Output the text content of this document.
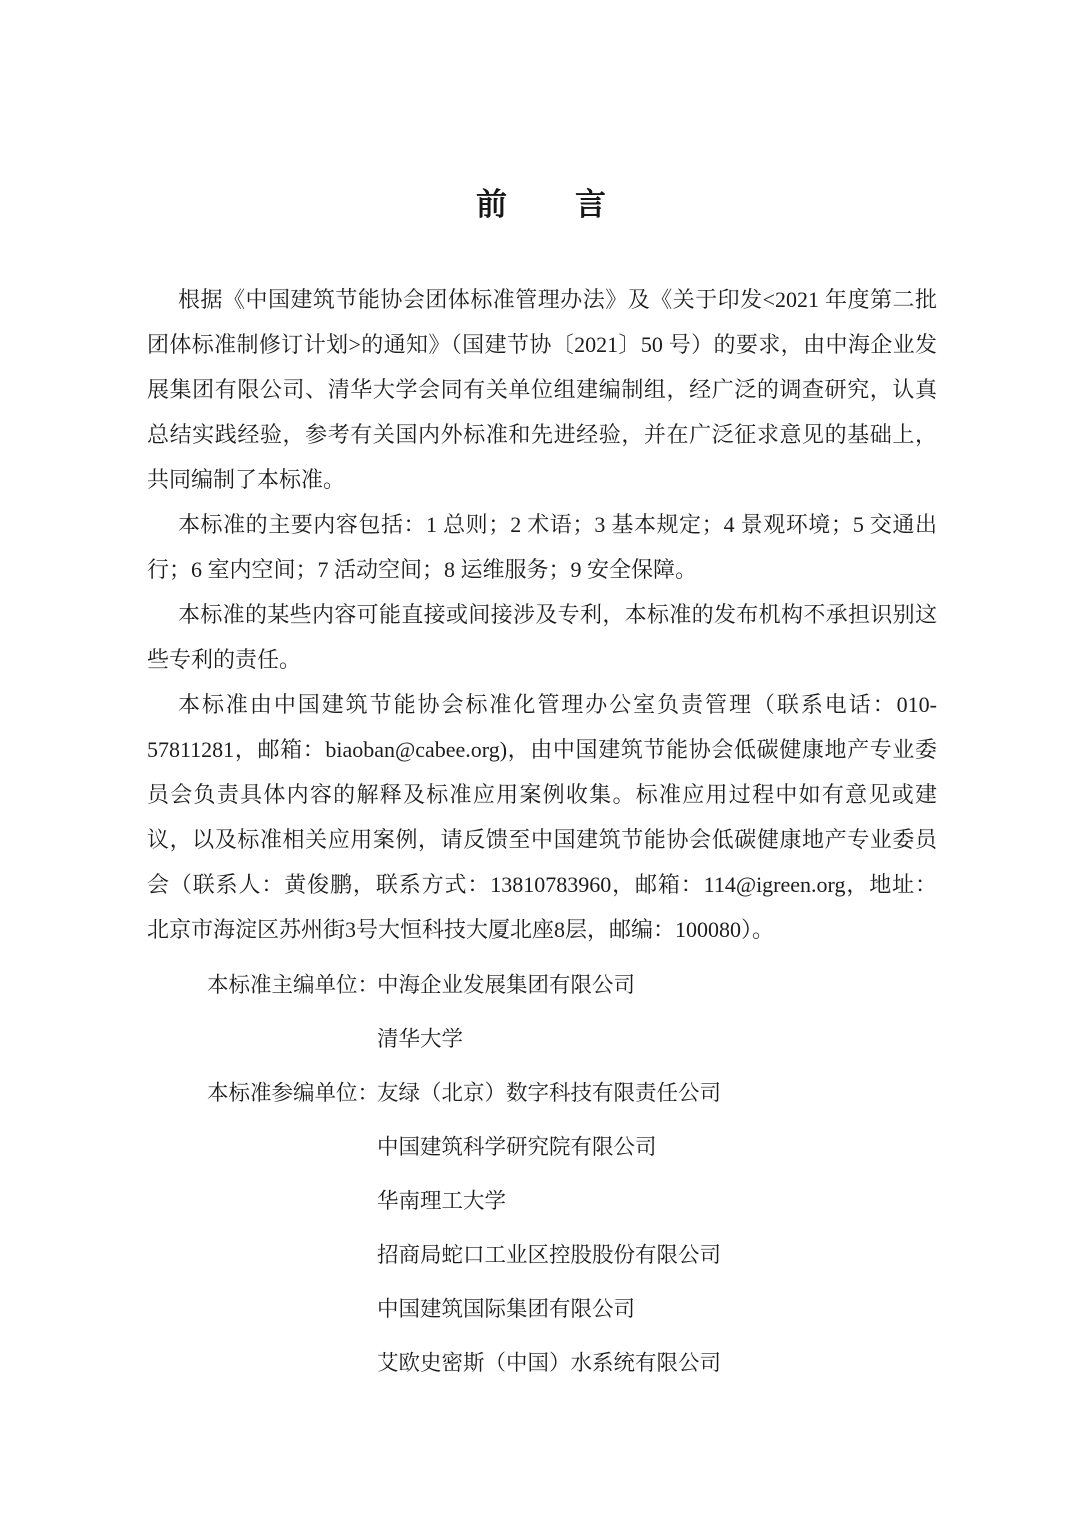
前　　言

根据《中国建筑节能协会团体标准管理办法》及《关于印发<2021 年度第二批团体标准制修订计划>的通知》（国建节协〔2021〕50 号）的要求，由中海企业发展集团有限公司、清华大学会同有关单位组建编制组，经广泛的调查研究，认真总结实践经验，参考有关国内外标准和先进经验，并在广泛征求意见的基础上，共同编制了本标准。

本标准的主要内容包括：1 总则；2 术语；3 基本规定；4 景观环境；5 交通出行；6 室内空间；7 活动空间；8 运维服务；9 安全保障。

本标准的某些内容可能直接或间接涉及专利，本标准的发布机构不承担识别这些专利的责任。

本标准由中国建筑节能协会标准化管理办公室负责管理（联系电话：010-57811281，邮箱：biaoban@cabee.org)，由中国建筑节能协会低碳健康地产专业委员会负责具体内容的解释及标准应用案例收集。标准应用过程中如有意见或建议，以及标准相关应用案例，请反馈至中国建筑节能协会低碳健康地产专业委员会（联系人：黄俊鹏，联系方式：13810783960，邮箱：114@igreen.org，地址：北京市海淀区苏州街3号大恒科技大厦北座8层，邮编：100080）。

本标准主编单位：
中海企业发展集团有限公司
清华大学
本标准参编单位：
友绿（北京）数字科技有限责任公司
中国建筑科学研究院有限公司
华南理工大学
招商局蛇口工业区控股股份有限公司
中国建筑国际集团有限公司
艾欧史密斯（中国）水系统有限公司
